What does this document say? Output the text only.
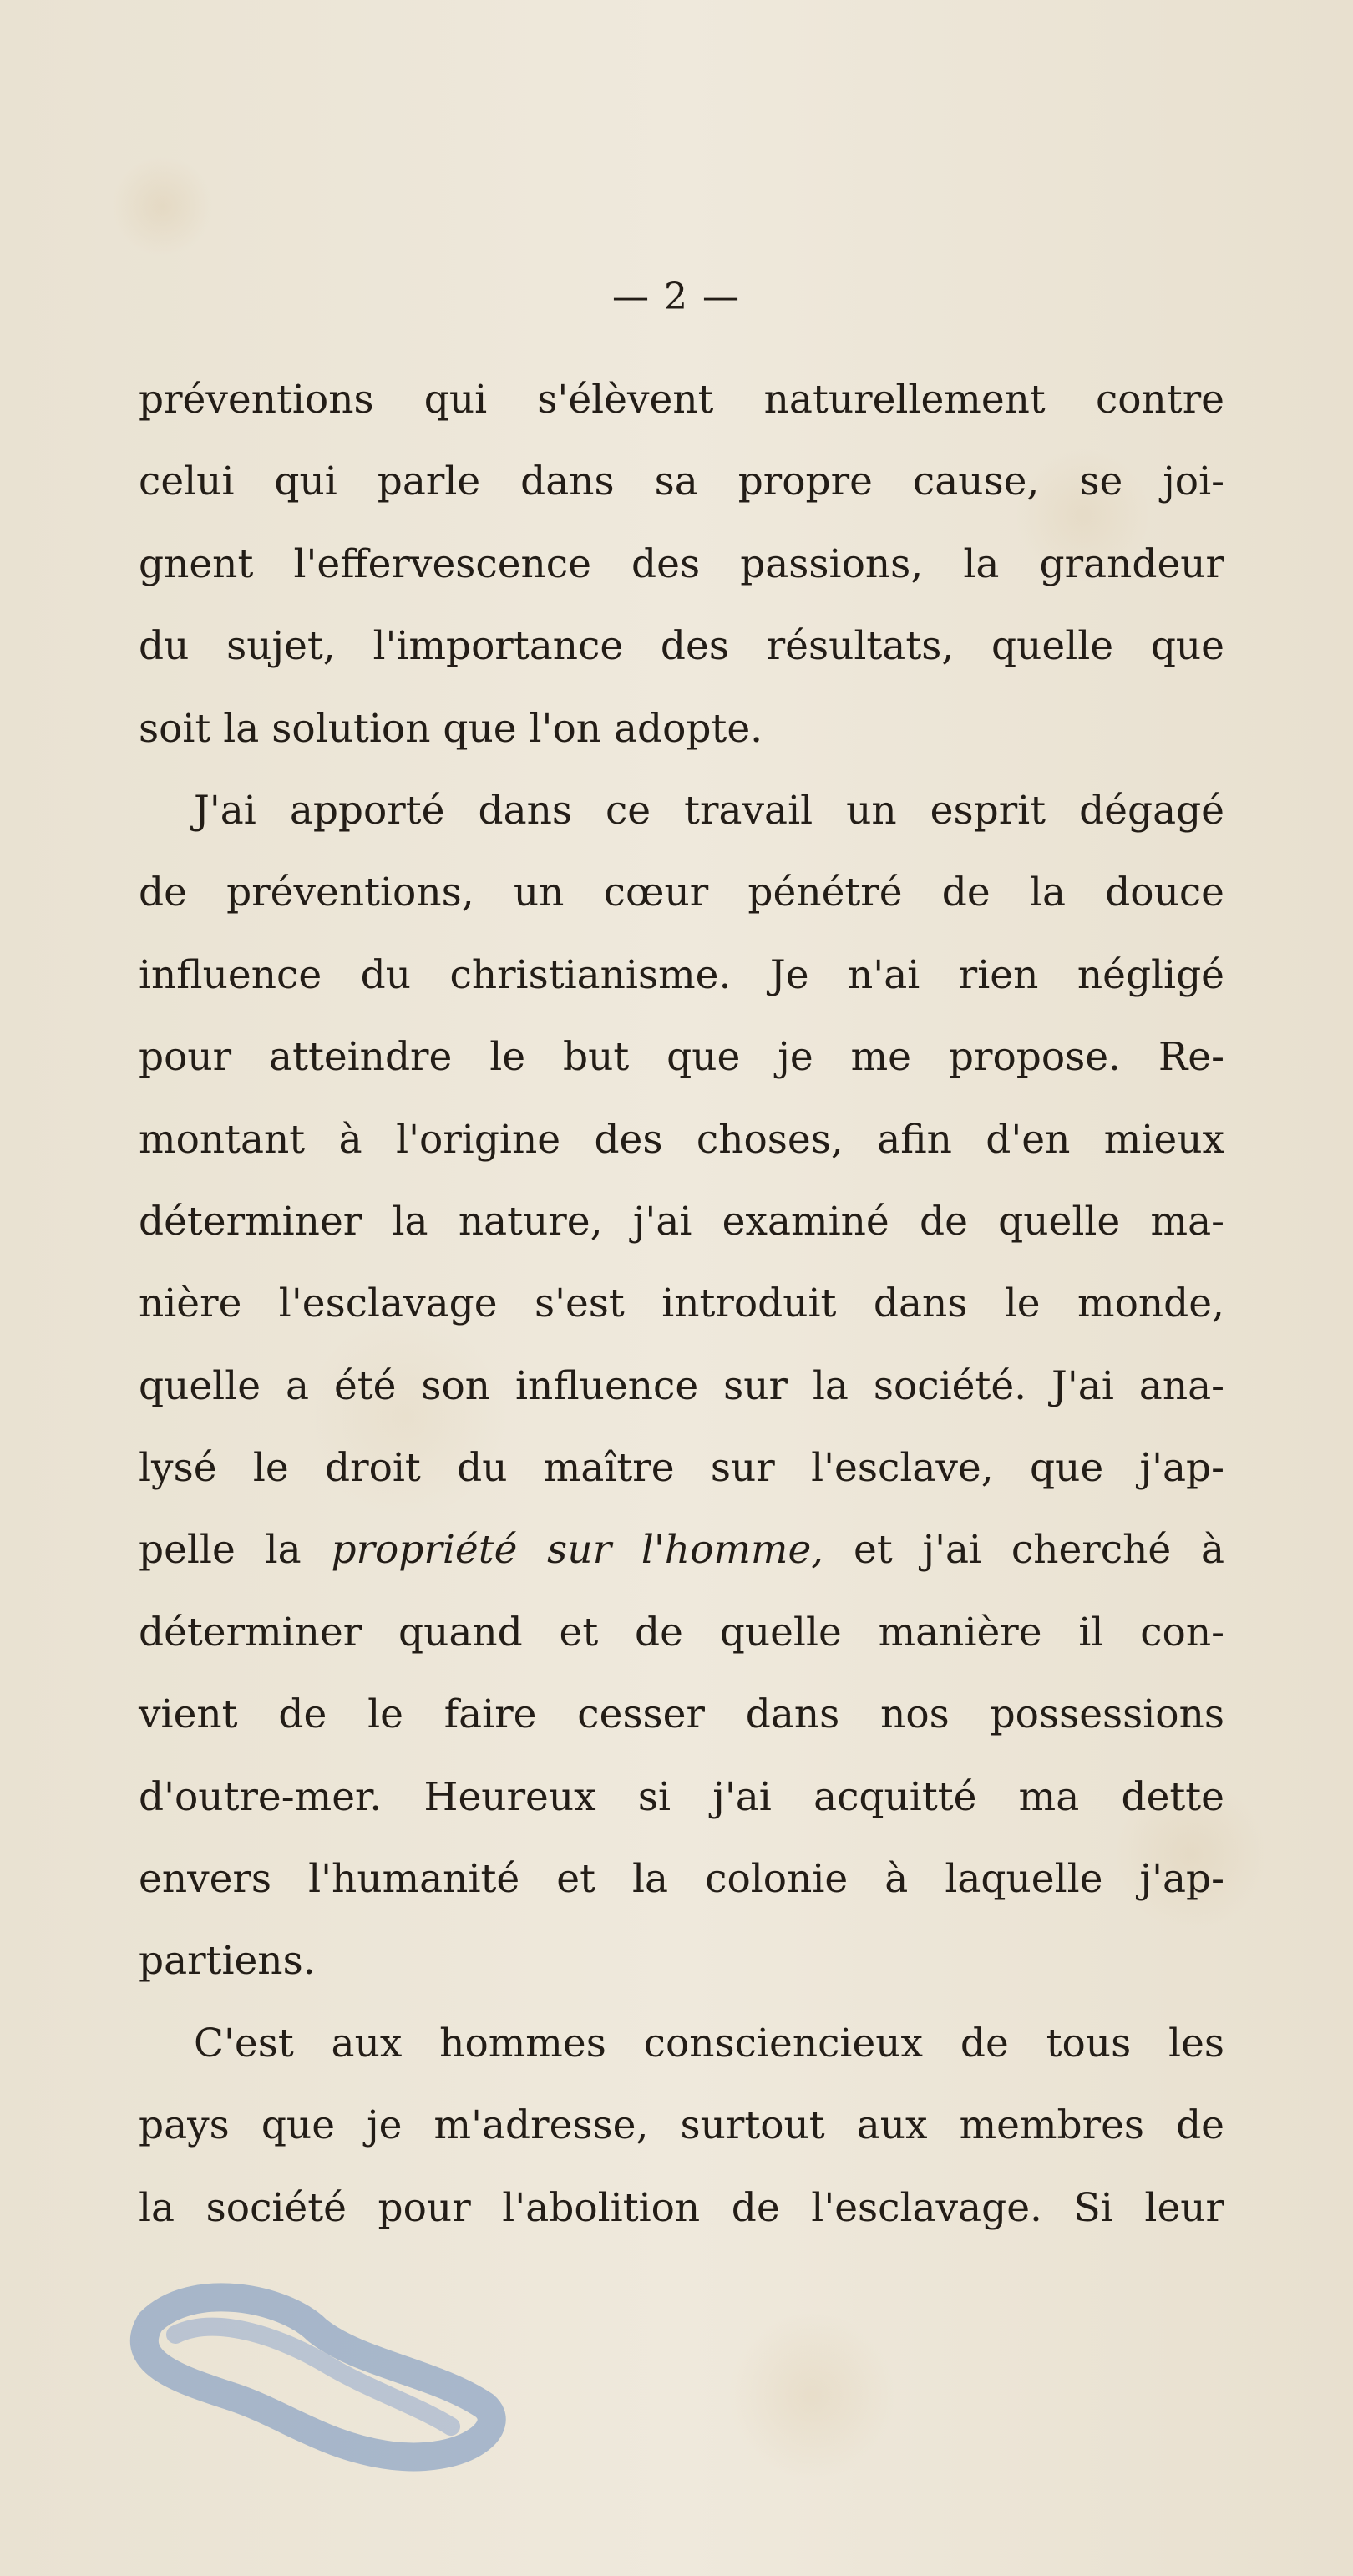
— 2 —
préventions qui s'élèvent naturellement contre
celui qui parle dans sa propre cause, se joi-
gnent l'effervescence des passions, la grandeur
du sujet, l'importance des résultats, quelle que
soit la solution que l'on adopte.
J'ai apporté dans ce travail un esprit dégagé
de préventions, un cœur pénétré de la douce
influence du christianisme. Je n'ai rien négligé
pour atteindre le but que je me propose. Re-
montant à l'origine des choses, afin d'en mieux
déterminer la nature, j'ai examiné de quelle ma-
nière l'esclavage s'est introduit dans le monde,
quelle a été son influence sur la société. J'ai ana-
lysé le droit du maître sur l'esclave, que j'ap-
pelle la propriété sur l'homme, et j'ai cherché à
déterminer quand et de quelle manière il con-
vient de le faire cesser dans nos possessions
d'outre-mer. Heureux si j'ai acquitté ma dette
envers l'humanité et la colonie à laquelle j'ap-
partiens.
C'est aux hommes consciencieux de tous les
pays que je m'adresse, surtout aux membres de
la société pour l'abolition de l'esclavage. Si leur
